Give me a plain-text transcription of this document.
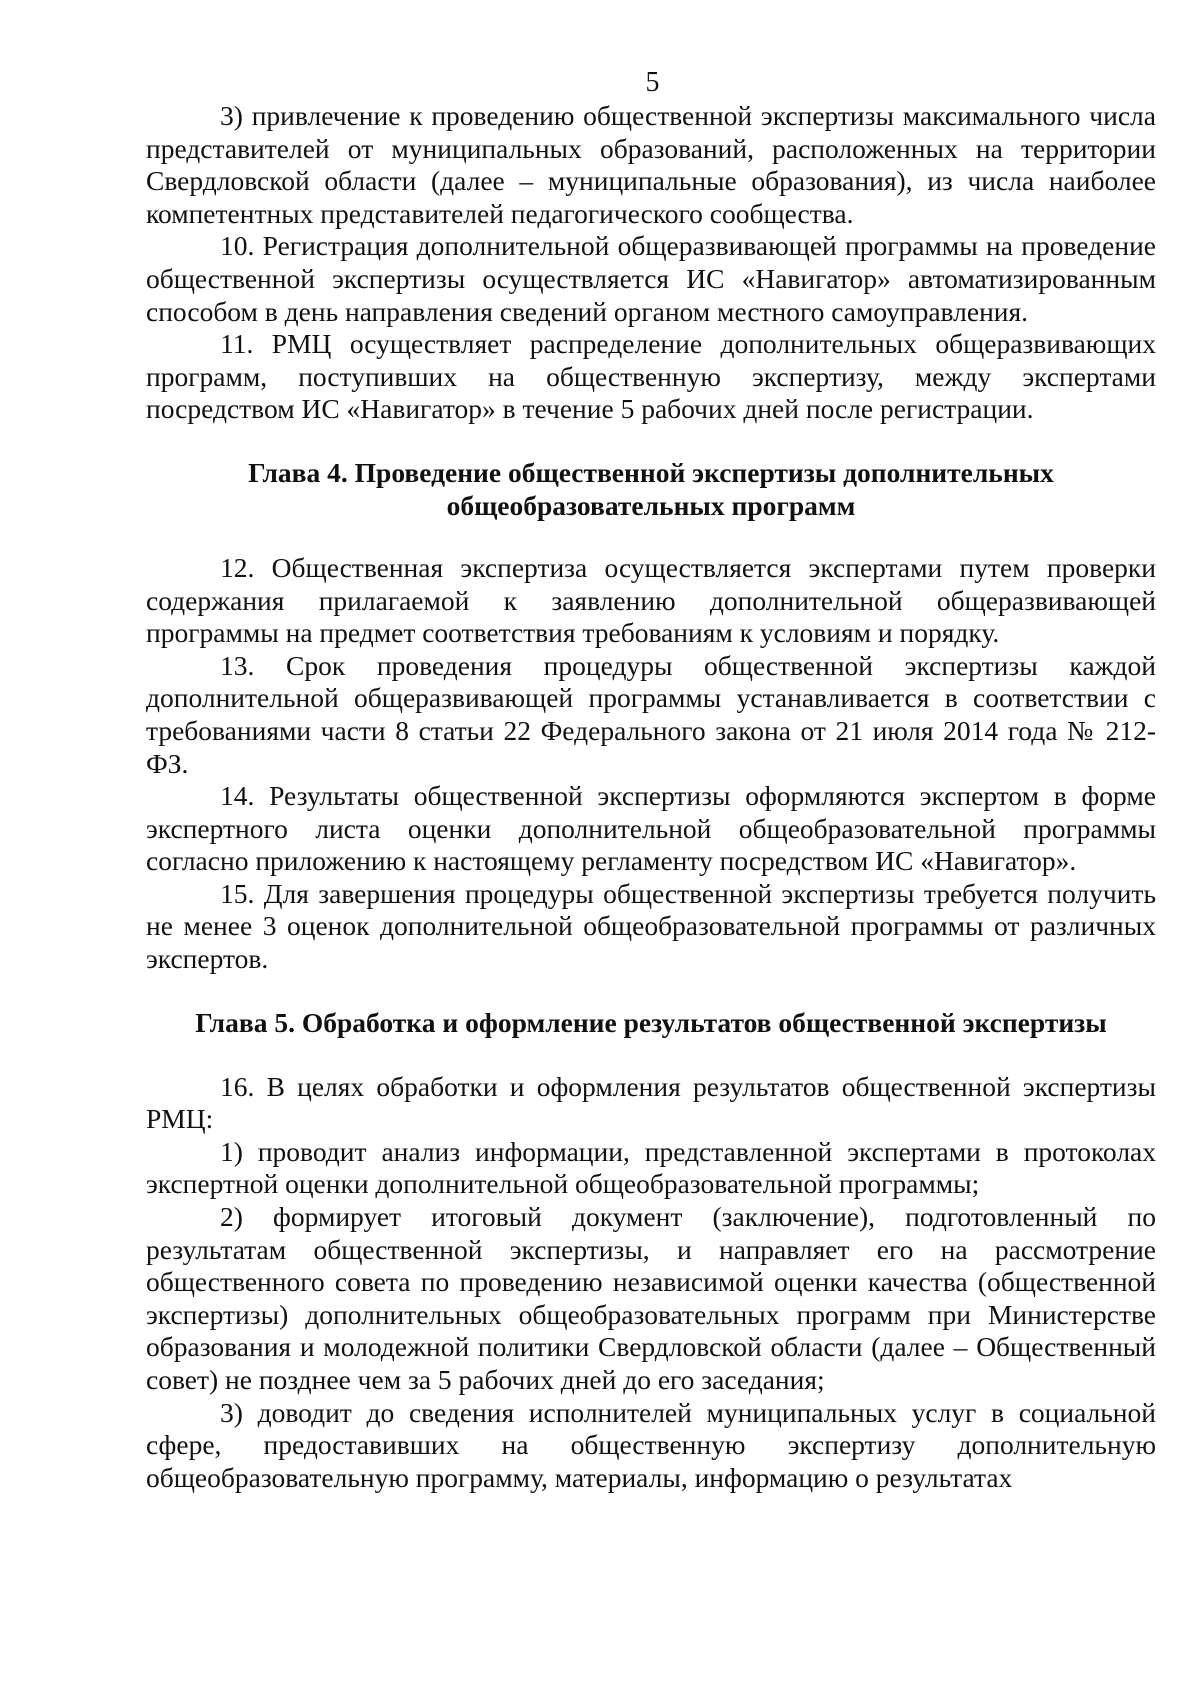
5

3) привлечение к проведению общественной экспертизы максимального числа представителей от муниципальных образований, расположенных на территории Свердловской области (далее – муниципальные образования), из числа наиболее компетентных представителей педагогического сообщества.

10. Регистрация дополнительной общеразвивающей программы на проведение общественной экспертизы осуществляется ИС «Навигатор» автоматизированным способом в день направления сведений органом местного самоуправления.

11. РМЦ осуществляет распределение дополнительных общеразвивающих программ, поступивших на общественную экспертизу, между экспертами посредством ИС «Навигатор» в течение 5 рабочих дней после регистрации.

Глава 4. Проведение общественной экспертизы дополнительных
общеобразовательных программ

12. Общественная экспертиза осуществляется экспертами путем проверки содержания прилагаемой к заявлению дополнительной общеразвивающей программы на предмет соответствия требованиям к условиям и порядку.

13. Срок проведения процедуры общественной экспертизы каждой дополнительной общеразвивающей программы устанавливается в соответствии с требованиями части 8 статьи 22 Федерального закона от 21 июля 2014 года № 212-ФЗ.

14. Результаты общественной экспертизы оформляются экспертом в форме экспертного листа оценки дополнительной общеобразовательной программы согласно приложению к настоящему регламенту посредством ИС «Навигатор».

15. Для завершения процедуры общественной экспертизы требуется получить не менее 3 оценок дополнительной общеобразовательной программы от различных экспертов.

Глава 5. Обработка и оформление результатов общественной экспертизы

16. В целях обработки и оформления результатов общественной экспертизы РМЦ:

1) проводит анализ информации, представленной экспертами в протоколах экспертной оценки дополнительной общеобразовательной программы;

2) формирует итоговый документ (заключение), подготовленный по результатам общественной экспертизы, и направляет его на рассмотрение общественного совета по проведению независимой оценки качества (общественной экспертизы) дополнительных общеобразовательных программ при Министерстве образования и молодежной политики Свердловской области (далее – Общественный совет) не позднее чем за 5 рабочих дней до его заседания;

3) доводит до сведения исполнителей муниципальных услуг в социальной сфере, предоставивших на общественную экспертизу дополнительную общеобразовательную программу, материалы, информацию о результатах
